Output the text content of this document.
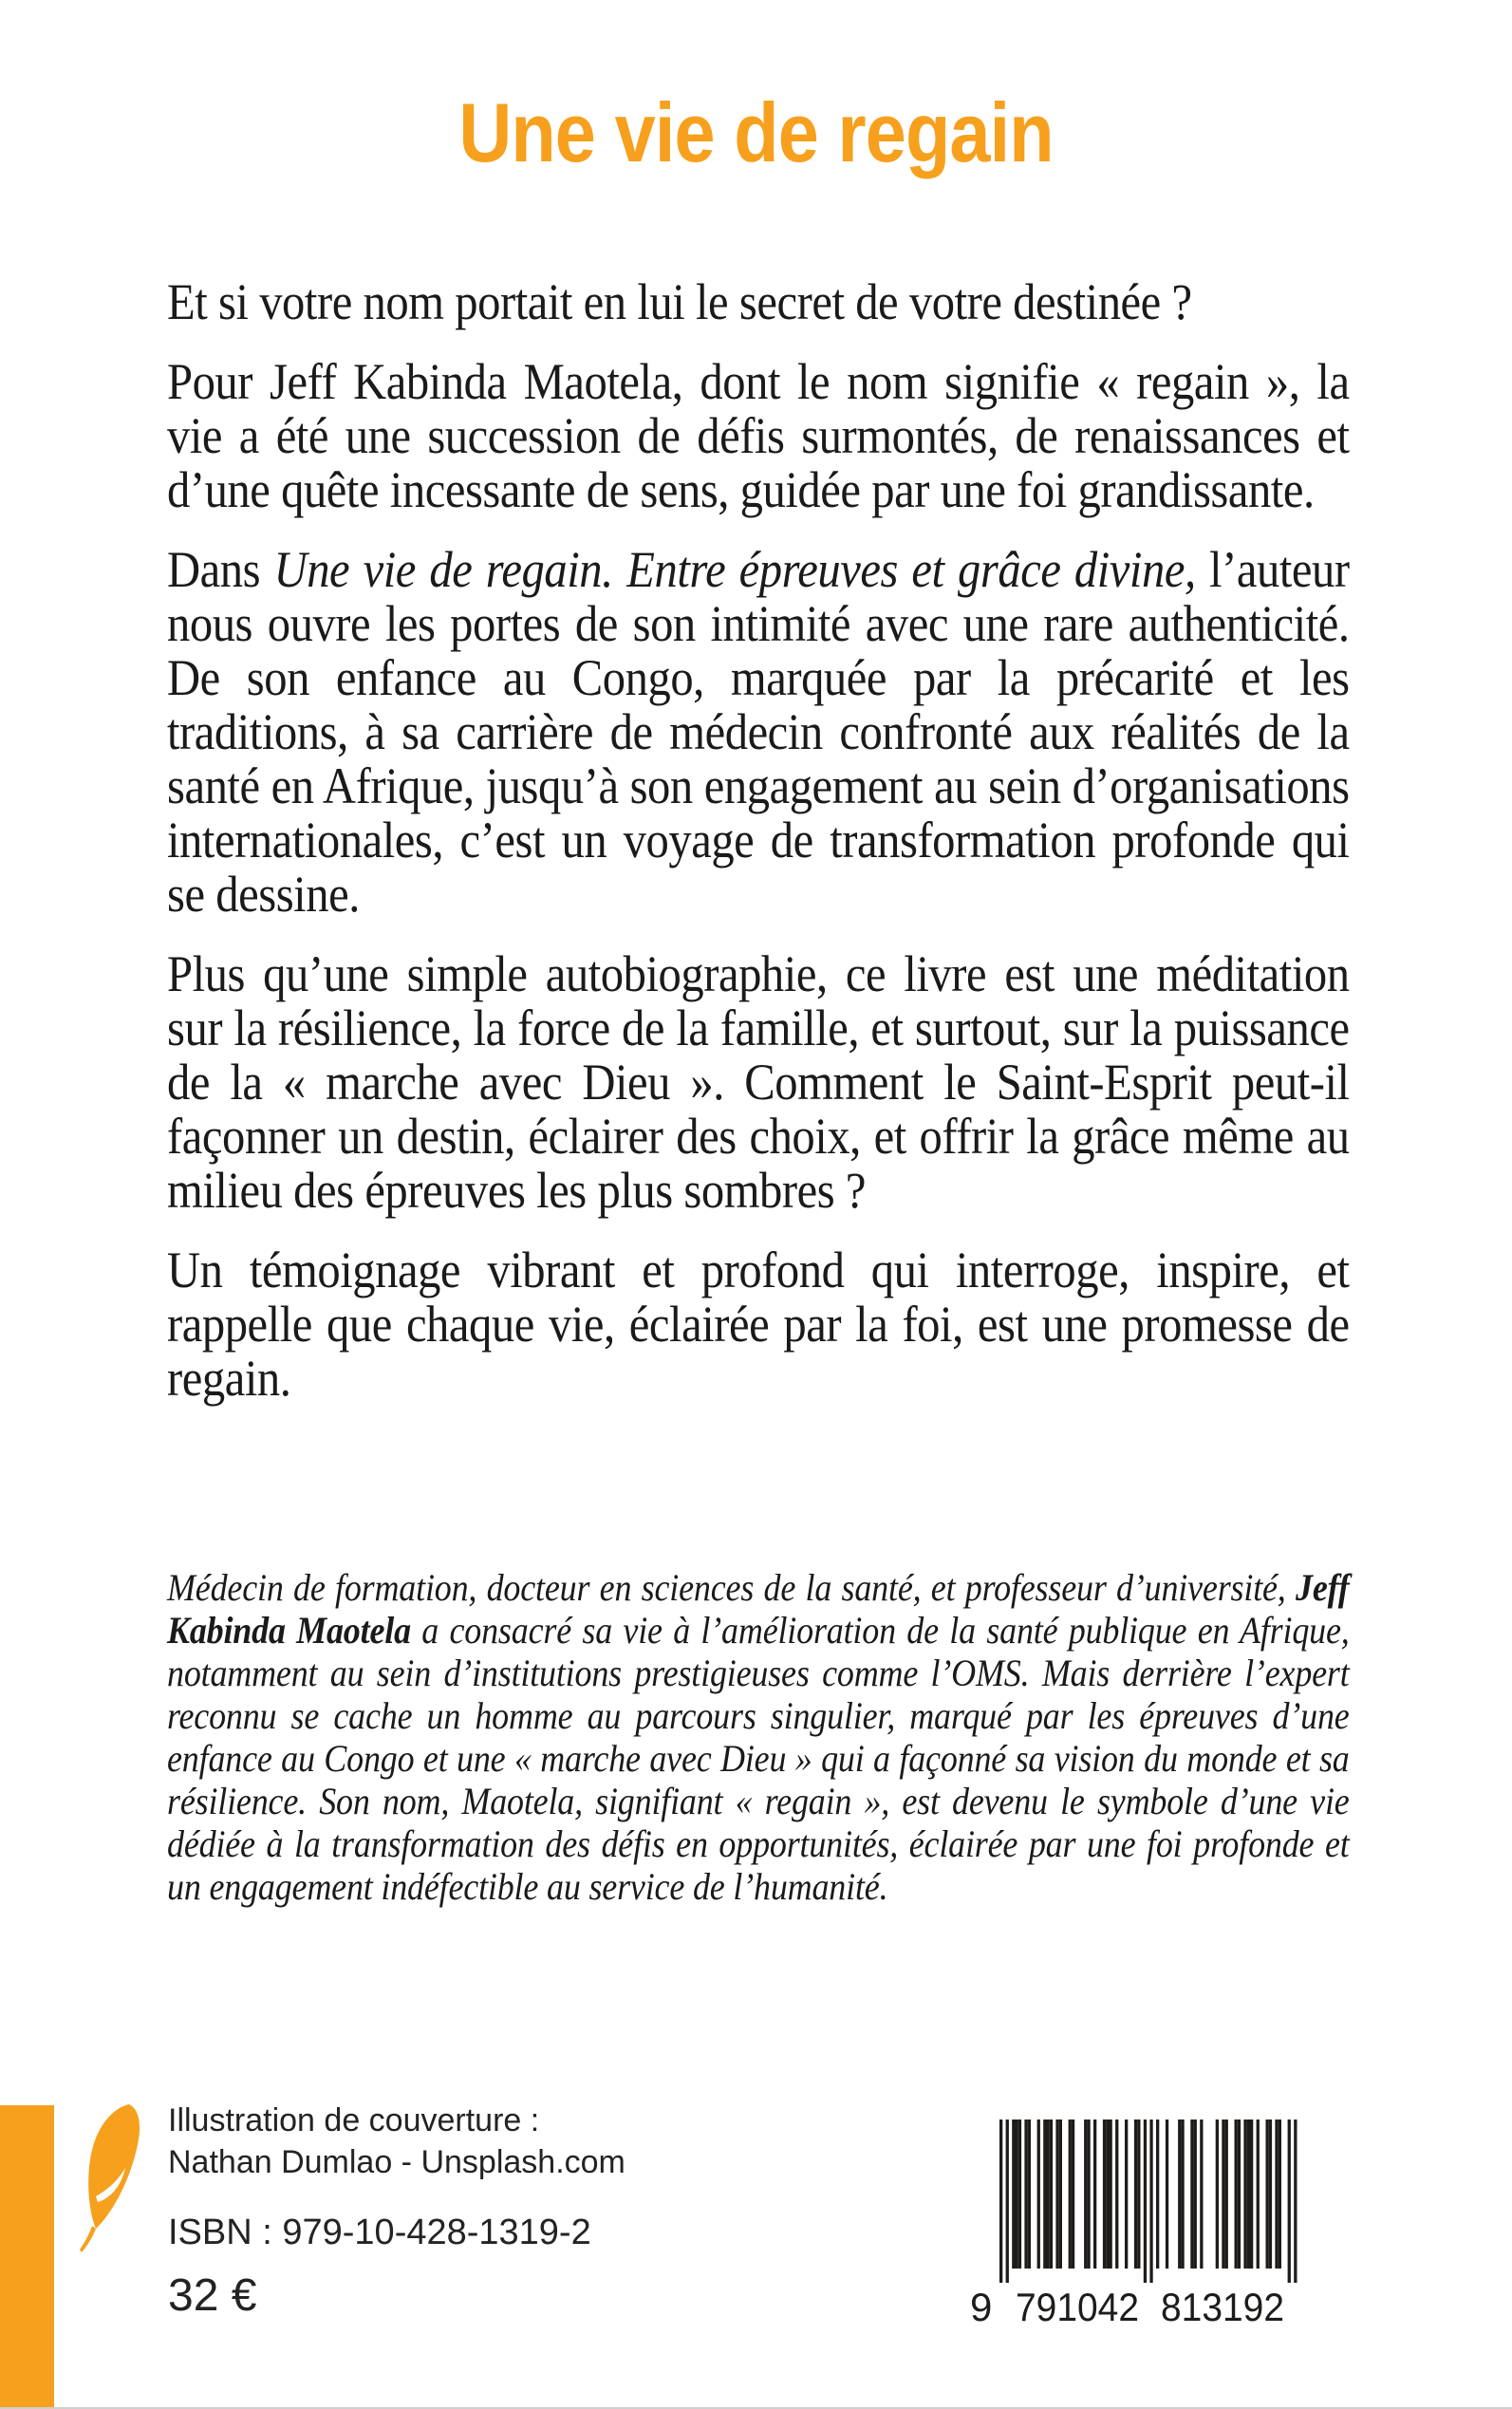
Une vie de regain

Et si votre nom portait en lui le secret de votre destinée ?

Pour Jeff Kabinda Maotela, dont le nom signifie « regain », la vie a été une succession de défis surmontés, de renaissances et d’une quête incessante de sens, guidée par une foi grandissante.

Dans Une vie de regain. Entre épreuves et grâce divine, l’auteur nous ouvre les portes de son intimité avec une rare authenticité. De son enfance au Congo, marquée par la précarité et les traditions, à sa carrière de médecin confronté aux réalités de la santé en Afrique, jusqu’à son engagement au sein d’organisations internationales, c’est un voyage de transformation profonde qui se dessine.

Plus qu’une simple autobiographie, ce livre est une méditation sur la résilience, la force de la famille, et surtout, sur la puissance de la « marche avec Dieu ». Comment le Saint-Esprit peut-il façonner un destin, éclairer des choix, et offrir la grâce même au milieu des épreuves les plus sombres ?

Un témoignage vibrant et profond qui interroge, inspire, et rappelle que chaque vie, éclairée par la foi, est une promesse de regain.

Médecin de formation, docteur en sciences de la santé, et professeur d’université, Jeff Kabinda Maotela a consacré sa vie à l’amélioration de la santé publique en Afrique, notamment au sein d’institutions prestigieuses comme l’OMS. Mais derrière l’expert reconnu se cache un homme au parcours singulier, marqué par les épreuves d’une enfance au Congo et une « marche avec Dieu » qui a façonné sa vision du monde et sa résilience. Son nom, Maotela, signifiant « regain », est devenu le symbole d’une vie dédiée à la transformation des défis en opportunités, éclairée par une foi profonde et un engagement indéfectible au service de l’humanité.
Illustration de couverture :
Nathan Dumlao - Unsplash.com
ISBN : 979-10-428-1319-2
32 €	9 791042 813192
